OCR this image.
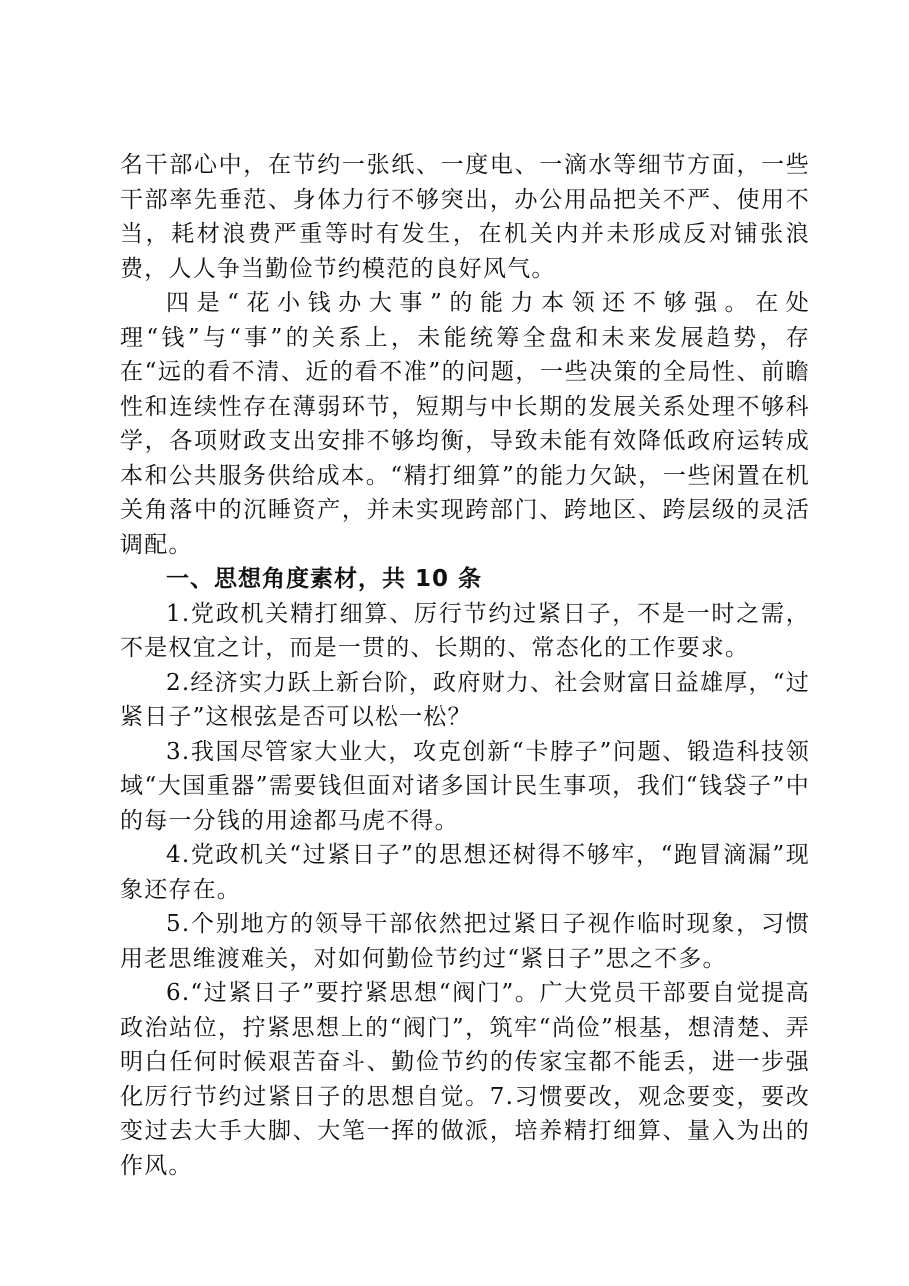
名干部心中，在节约一张纸、一度电、一滴水等细节方面，一些干部率先垂范、身体力行不够突出，办公用品把关不严、使用不当，耗材浪费严重等时有发生，在机关内并未形成反对铺张浪费，人人争当勤俭节约模范的良好风气。

四是“花小钱办大事”的能力本领还不够强。在处理“钱”与“事”的关系上，未能统筹全盘和未来发展趋势，存在“远的看不清、近的看不准”的问题，一些决策的全局性、前瞻性和连续性存在薄弱环节，短期与中长期的发展关系处理不够科学，各项财政支出安排不够均衡，导致未能有效降低政府运转成本和公共服务供给成本。“精打细算”的能力欠缺，一些闲置在机关角落中的沉睡资产，并未实现跨部门、跨地区、跨层级的灵活调配。

一、思想角度素材，共 10 条

1.党政机关精打细算、厉行节约过紧日子，不是一时之需，不是权宜之计，而是一贯的、长期的、常态化的工作要求。

2.经济实力跃上新台阶，政府财力、社会财富日益雄厚，“过紧日子”这根弦是否可以松一松？

3.我国尽管家大业大，攻克创新“卡脖子”问题、锻造科技领域“大国重器”需要钱但面对诸多国计民生事项，我们“钱袋子”中的每一分钱的用途都马虎不得。

4.党政机关“过紧日子”的思想还树得不够牢，“跑冒滴漏”现象还存在。

5.个别地方的领导干部依然把过紧日子视作临时现象，习惯用老思维渡难关，对如何勤俭节约过“紧日子”思之不多。

6.“过紧日子”要拧紧思想“阀门”。广大党员干部要自觉提高政治站位，拧紧思想上的“阀门”，筑牢“尚俭”根基，想清楚、弄明白任何时候艰苦奋斗、勤俭节约的传家宝都不能丢，进一步强化厉行节约过紧日子的思想自觉。7.习惯要改，观念要变，要改变过去大手大脚、大笔一挥的做派，培养精打细算、量入为出的作风。
